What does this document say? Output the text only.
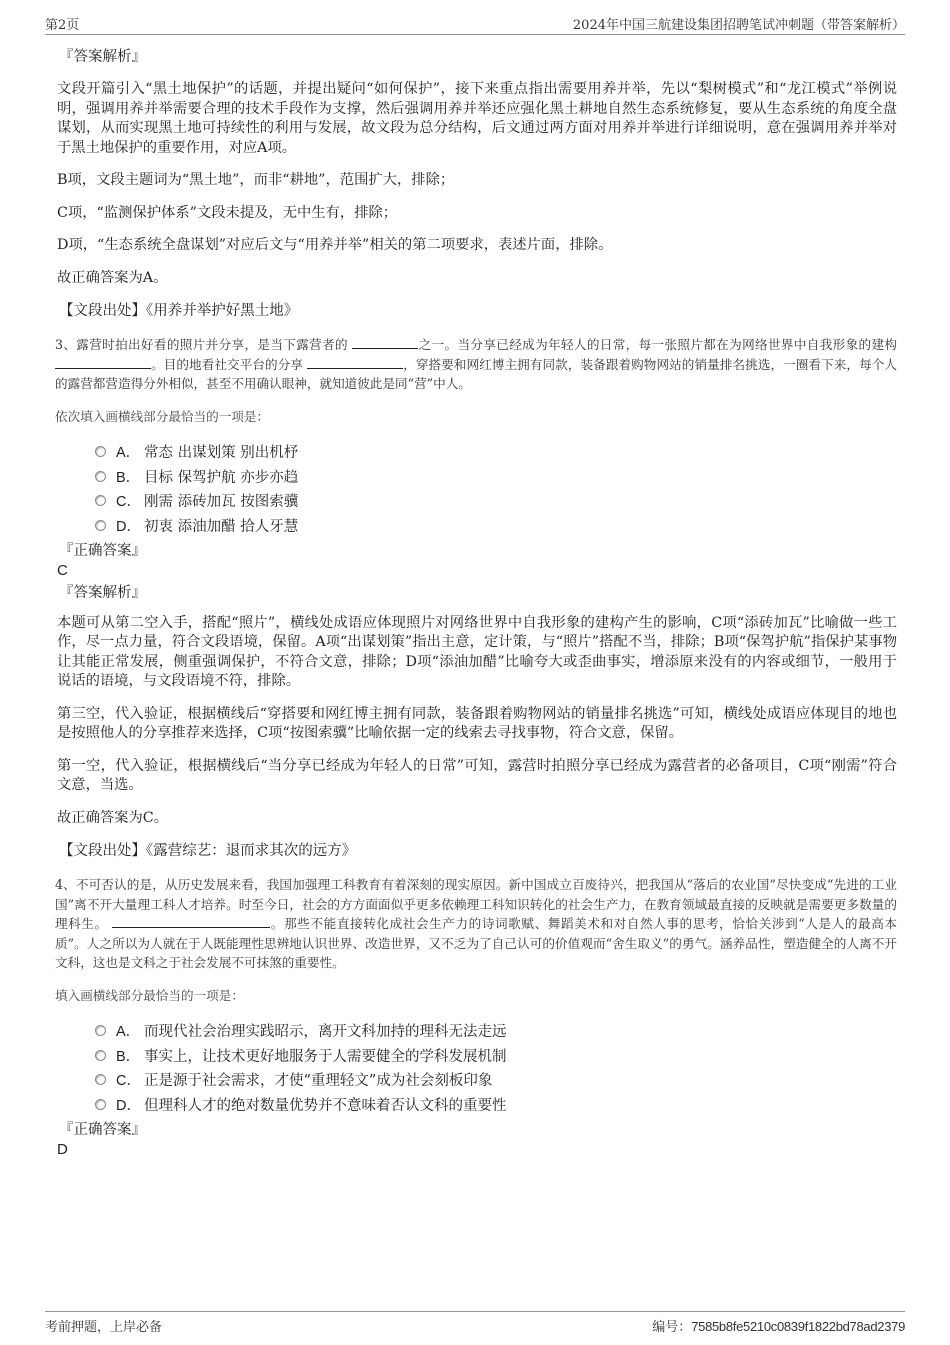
第2页	2024年中国三航建设集团招聘笔试冲刺题（带答案解析）
『答案解析』

文段开篇引入“黑土地保护”的话题，并提出疑问“如何保护”，接下来重点指出需要用养并举，先以“梨树模式”和“龙江模式”举例说明，强调用养并举需要合理的技术手段作为支撑，然后强调用养并举还应强化黑土耕地自然生态系统修复，要从生态系统的角度全盘谋划，从而实现黑土地可持续性的利用与发展，故文段为总分结构，后文通过两方面对用养并举进行详细说明，意在强调用养并举对于黑土地保护的重要作用，对应A项。

B项，文段主题词为“黑土地”，而非“耕地”，范围扩大，排除；

C项，“监测保护体系”文段未提及，无中生有，排除；

D项，“生态系统全盘谋划”对应后文与“用养并举”相关的第二项要求，表述片面，排除。

故正确答案为A。

【文段出处】《用养并举护好黑土地》

3、露营时拍出好看的照片并分享，是当下露营者的	之一。当分享已经成为年轻人的日常，每一张照片都在为网络世界中自我形象的建构 。目的地看社交平台的分享	，穿搭要和网红博主拥有同款，装备跟着购物网站的销量排名挑选，一圈看下来，每个人的露营都营造得分外相似，甚至不用确认眼神，就知道彼此是同“营”中人。

依次填入画横线部分最恰当的一项是：

A． 常态 出谋划策 别出机杼
B． 目标 保驾护航 亦步亦趋
C． 刚需 添砖加瓦 按图索骥
D． 初衷 添油加醋 拾人牙慧
『正确答案』

C

『答案解析』

本题可从第二空入手，搭配“照片”，横线处成语应体现照片对网络世界中自我形象的建构产生的影响，C项“添砖加瓦”比喻做一些工作，尽一点力量，符合文段语境，保留。A项“出谋划策”指出主意，定计策，与“照片”搭配不当，排除；B项“保驾护航”指保护某事物让其能正常发展，侧重强调保护，不符合文意，排除；D项“添油加醋”比喻夸大或歪曲事实，增添原来没有的内容或细节，一般用于说话的语境，与文段语境不符，排除。

第三空，代入验证，根据横线后“穿搭要和网红博主拥有同款，装备跟着购物网站的销量排名挑选”可知，横线处成语应体现目的地也是按照他人的分享推荐来选择，C项“按图索骥”比喻依据一定的线索去寻找事物，符合文意，保留。

第一空，代入验证，根据横线后“当分享已经成为年轻人的日常”可知，露营时拍照分享已经成为露营者的必备项目，C项“刚需”符合文意，当选。

故正确答案为C。

【文段出处】《露营综艺：退而求其次的远方》

4、不可否认的是，从历史发展来看，我国加强理工科教育有着深刻的现实原因。新中国成立百废待兴，把我国从“落后的农业国”尽快变成“先进的工业国”离不开大量理工科人才培养。时至今日，社会的方方面面似乎更多依赖理工科知识转化的社会生产力，在教育领域最直接的反映就是需要更多数量的理科生。	。那些不能直接转化成社会生产力的诗词歌赋、舞蹈美术和对自然人事的思考，恰恰关涉到“人是人的最高本质”。人之所以为人就在于人既能理性思辨地认识世界、改造世界，又不乏为了自己认可的价值观而“舍生取义”的勇气。涵养品性，塑造健全的人离不开文科，这也是文科之于社会发展不可抹煞的重要性。

填入画横线部分最恰当的一项是：

A． 而现代社会治理实践昭示，离开文科加持的理科无法走远
B． 事实上，让技术更好地服务于人需要健全的学科发展机制
C． 正是源于社会需求，才使“重理轻文”成为社会刻板印象
D． 但理科人才的绝对数量优势并不意味着否认文科的重要性
『正确答案』

D

考前押题，上岸必备	编号：7585b8fe5210c0839f1822bd78ad2379
